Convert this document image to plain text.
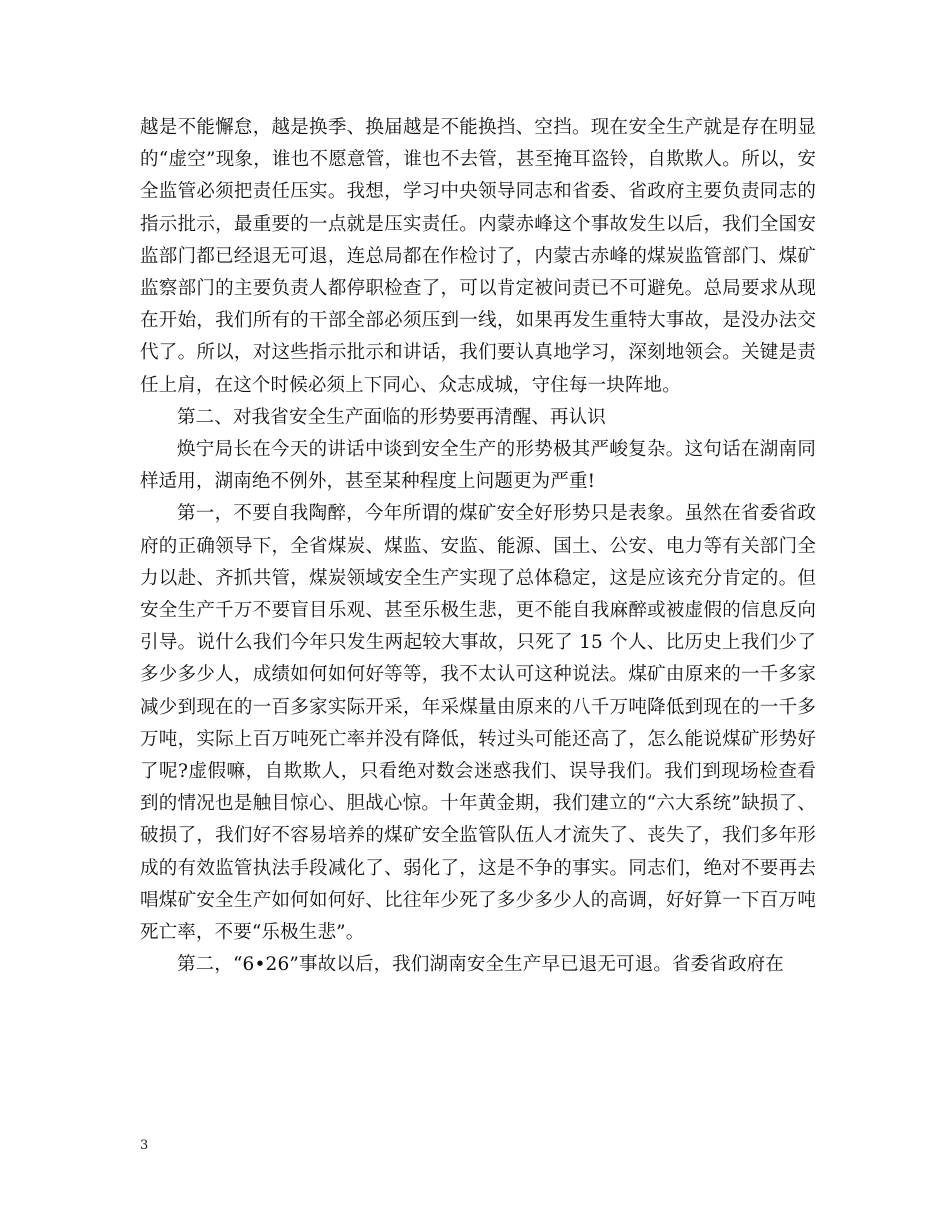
越是不能懈怠，越是换季、换届越是不能换挡、空挡。现在安全生产就是存在明显的“虚空”现象，谁也不愿意管，谁也不去管，甚至掩耳盗铃，自欺欺人。所以，安全监管必须把责任压实。我想，学习中央领导同志和省委、省政府主要负责同志的指示批示，最重要的一点就是压实责任。内蒙赤峰这个事故发生以后，我们全国安监部门都已经退无可退，连总局都在作检讨了，内蒙古赤峰的煤炭监管部门、煤矿监察部门的主要负责人都停职检查了，可以肯定被问责已不可避免。总局要求从现在开始，我们所有的干部全部必须压到一线，如果再发生重特大事故，是没办法交代了。所以，对这些指示批示和讲话，我们要认真地学习，深刻地领会。关键是责任上肩，在这个时候必须上下同心、众志成城，守住每一块阵地。

第二、对我省安全生产面临的形势要再清醒、再认识

焕宁局长在今天的讲话中谈到安全生产的形势极其严峻复杂。这句话在湖南同样适用，湖南绝不例外，甚至某种程度上问题更为严重!

第一，不要自我陶醉，今年所谓的煤矿安全好形势只是表象。虽然在省委省政府的正确领导下，全省煤炭、煤监、安监、能源、国土、公安、电力等有关部门全力以赴、齐抓共管，煤炭领域安全生产实现了总体稳定，这是应该充分肯定的。但安全生产千万不要盲目乐观、甚至乐极生悲，更不能自我麻醉或被虚假的信息反向引导。说什么我们今年只发生两起较大事故，只死了 15 个人、比历史上我们少了多少多少人，成绩如何如何好等等，我不太认可这种说法。煤矿由原来的一千多家减少到现在的一百多家实际开采，年采煤量由原来的八千万吨降低到现在的一千多万吨，实际上百万吨死亡率并没有降低，转过头可能还高了，怎么能说煤矿形势好了呢?虚假嘛，自欺欺人，只看绝对数会迷惑我们、误导我们。我们到现场检查看到的情况也是触目惊心、胆战心惊。十年黄金期，我们建立的“六大系统”缺损了、破损了，我们好不容易培养的煤矿安全监管队伍人才流失了、丧失了，我们多年形成的有效监管执法手段减化了、弱化了，这是不争的事实。同志们，绝对不要再去唱煤矿安全生产如何如何好、比往年少死了多少多少人的高调，好好算一下百万吨死亡率，不要“乐极生悲”。

第二，“6•26”事故以后，我们湖南安全生产早已退无可退。省委省政府在

3
